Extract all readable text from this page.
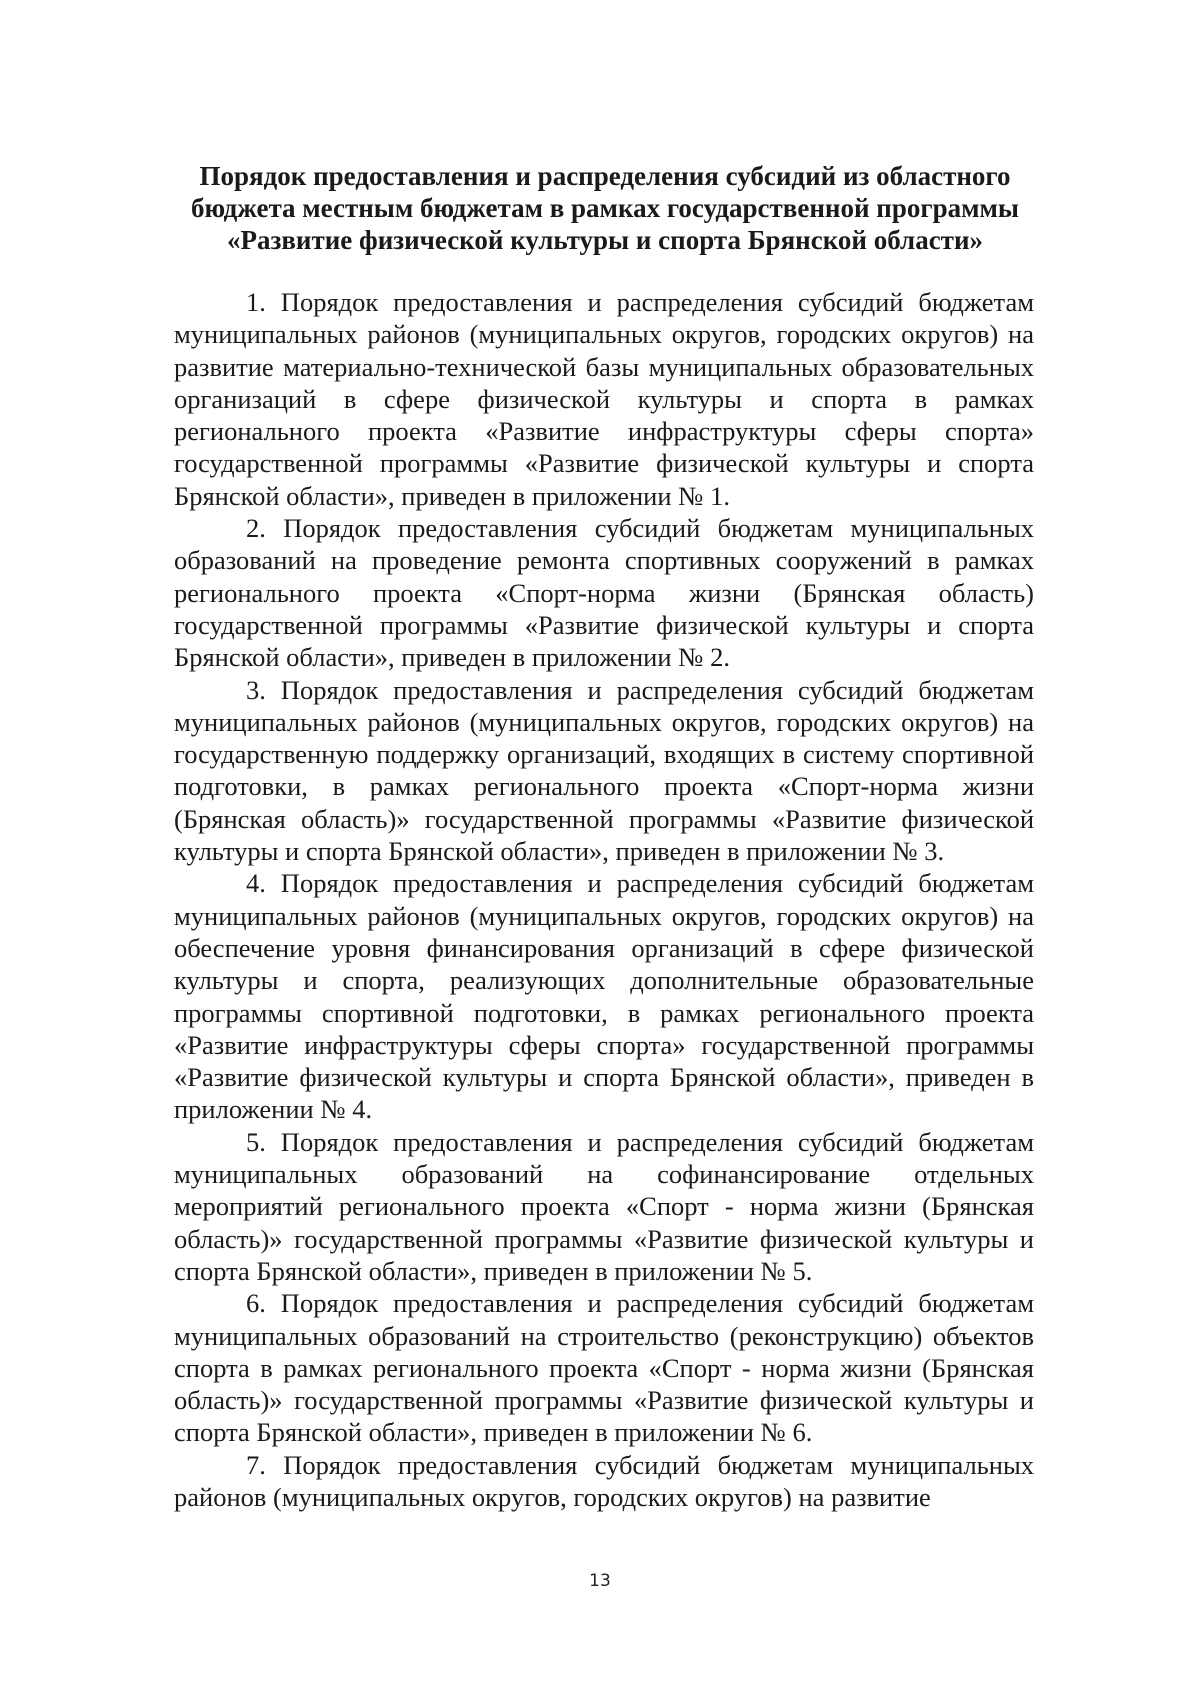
Порядок предоставления и распределения субсидий из областного
бюджета местным бюджетам в рамках государственной программы
«Развитие физической культуры и спорта Брянской области»

1. Порядок предоставления и распределения субсидий бюджетам муниципальных районов (муниципальных округов, городских округов) на развитие материально-технической базы муниципальных образовательных организаций в сфере физической культуры и спорта в рамках регионального проекта «Развитие инфраструктуры сферы спорта» государственной программы «Развитие физической культуры и спорта Брянской области», приведен в приложении № 1.

2. Порядок предоставления субсидий бюджетам муниципальных образований на проведение ремонта спортивных сооружений в рамках регионального проекта «Спорт-норма жизни (Брянская область) государственной программы «Развитие физической культуры и спорта Брянской области», приведен в приложении № 2.

3. Порядок предоставления и распределения субсидий бюджетам муниципальных районов (муниципальных округов, городских округов) на государственную поддержку организаций, входящих в систему спортивной подготовки, в рамках регионального проекта «Спорт-норма жизни (Брянская область)» государственной программы «Развитие физической культуры и спорта Брянской области», приведен в приложении № 3.

4. Порядок предоставления и распределения субсидий бюджетам муниципальных районов (муниципальных округов, городских округов) на обеспечение уровня финансирования организаций в сфере физической культуры и спорта, реализующих дополнительные образовательные программы спортивной подготовки, в рамках регионального проекта «Развитие инфраструктуры сферы спорта» государственной программы «Развитие физической культуры и спорта Брянской области», приведен в приложении № 4.

5. Порядок предоставления и распределения субсидий бюджетам муниципальных образований на софинансирование отдельных мероприятий регионального проекта «Спорт - норма жизни (Брянская область)» государственной программы «Развитие физической культуры и спорта Брянской области», приведен в приложении № 5.

6. Порядок предоставления и распределения субсидий бюджетам муниципальных образований на строительство (реконструкцию) объектов спорта в рамках регионального проекта «Спорт - норма жизни (Брянская область)» государственной программы «Развитие физической культуры и спорта Брянской области», приведен в приложении № 6.

7. Порядок предоставления субсидий бюджетам муниципальных районов (муниципальных округов, городских округов) на развитие

13
